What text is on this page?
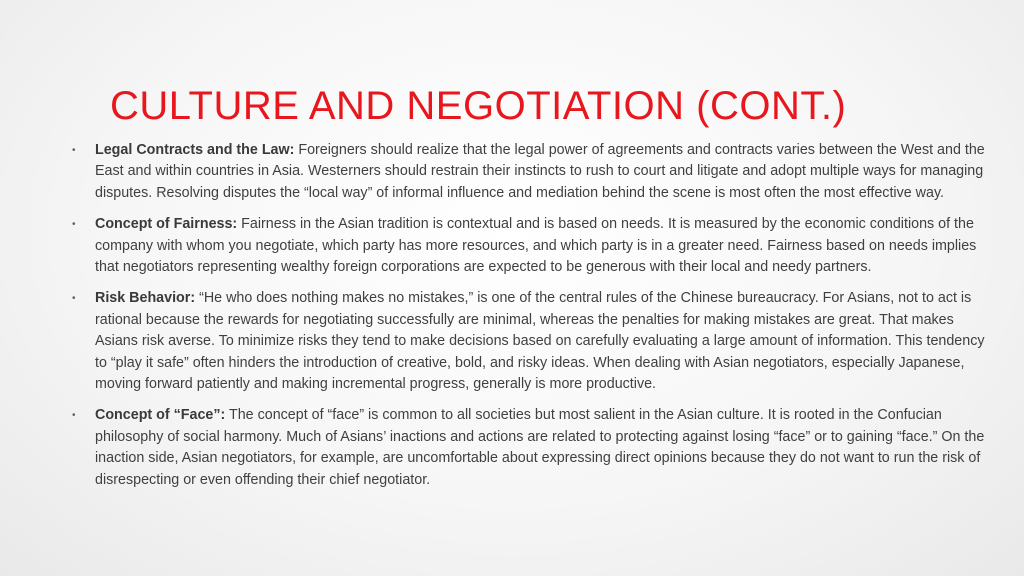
CULTURE AND NEGOTIATION (CONT.)
• Legal Contracts and the Law: Foreigners should realize that the legal power of agreements and contracts varies between the West and the East and within countries in Asia. Westerners should restrain their instincts to rush to court and litigate and adopt multiple ways for managing disputes. Resolving disputes the “local way” of informal influence and mediation behind the scene is most often the most effective way.
• Concept of Fairness: Fairness in the Asian tradition is contextual and is based on needs. It is measured by the economic conditions of the company with whom you negotiate, which party has more resources, and which party is in a greater need. Fairness based on needs implies that negotiators representing wealthy foreign corporations are expected to be generous with their local and needy partners.
• Risk Behavior: “He who does nothing makes no mistakes,” is one of the central rules of the Chinese bureaucracy. For Asians, not to act is rational because the rewards for negotiating successfully are minimal, whereas the penalties for making mistakes are great. That makes Asians risk averse. To minimize risks they tend to make decisions based on carefully evaluating a large amount of information. This tendency to “play it safe” often hinders the introduction of creative, bold, and risky ideas. When dealing with Asian negotiators, especially Japanese, moving forward patiently and making incremental progress, generally is more productive.
• Concept of “Face”: The concept of “face” is common to all societies but most salient in the Asian culture. It is rooted in the Confucian philosophy of social harmony. Much of Asians’ inactions and actions are related to protecting against losing “face” or to gaining “face.” On the inaction side, Asian negotiators, for example, are uncomfortable about expressing direct opinions because they do not want to run the risk of disrespecting or even offending their chief negotiator.
